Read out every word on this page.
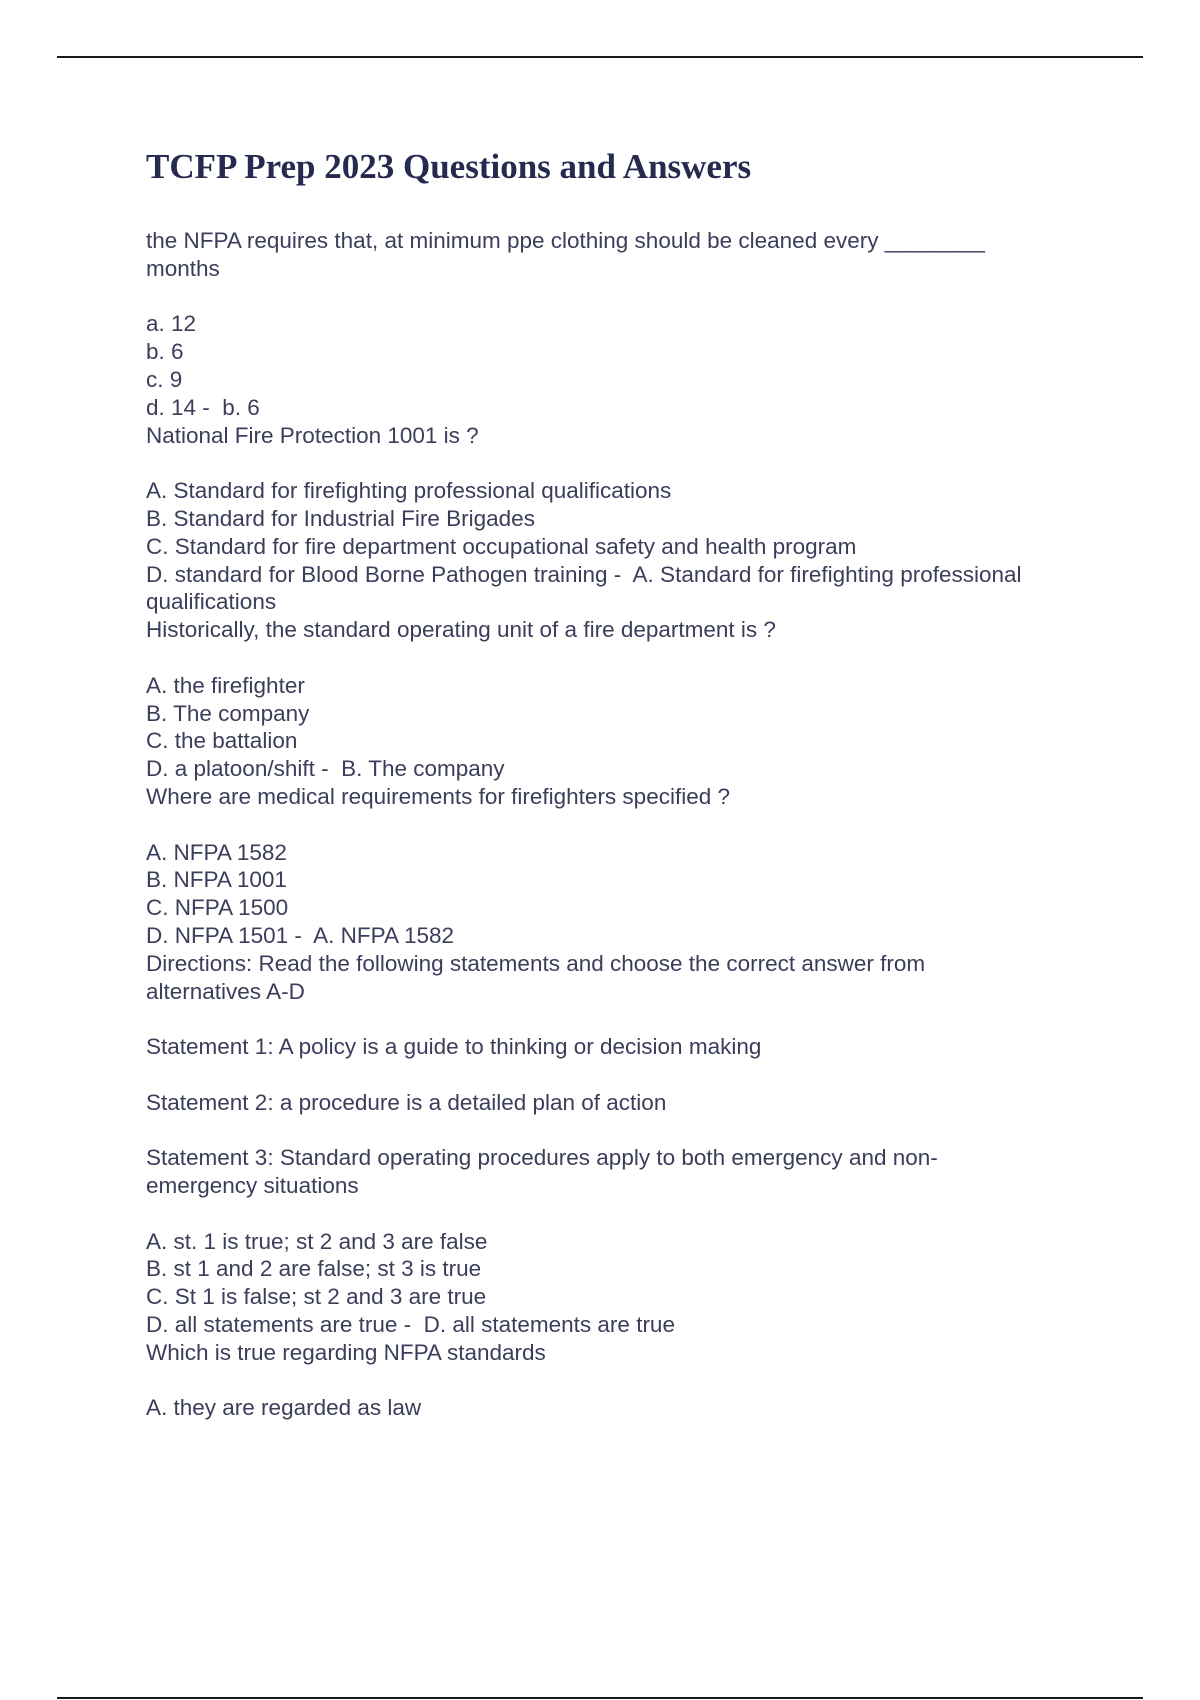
TCFP Prep 2023 Questions and Answers
the NFPA requires that, at minimum ppe clothing should be cleaned every ________
months
a. 12
b. 6
c. 9
d. 14 -  b. 6
National Fire Protection 1001 is ?
A. Standard for firefighting professional qualifications
B. Standard for Industrial Fire Brigades
C. Standard for fire department occupational safety and health program
D. standard for Blood Borne Pathogen training -  A. Standard for firefighting professional
qualifications
Historically, the standard operating unit of a fire department is ?
A. the firefighter
B. The company
C. the battalion
D. a platoon/shift -  B. The company
Where are medical requirements for firefighters specified ?
A. NFPA 1582
B. NFPA 1001
C. NFPA 1500
D. NFPA 1501 -  A. NFPA 1582
Directions: Read the following statements and choose the correct answer from
alternatives A-D
Statement 1: A policy is a guide to thinking or decision making
Statement 2: a procedure is a detailed plan of action
Statement 3: Standard operating procedures apply to both emergency and non-
emergency situations
A. st. 1 is true; st 2 and 3 are false
B. st 1 and 2 are false; st 3 is true
C. St 1 is false; st 2 and 3 are true
D. all statements are true -  D. all statements are true
Which is true regarding NFPA standards
A. they are regarded as law
